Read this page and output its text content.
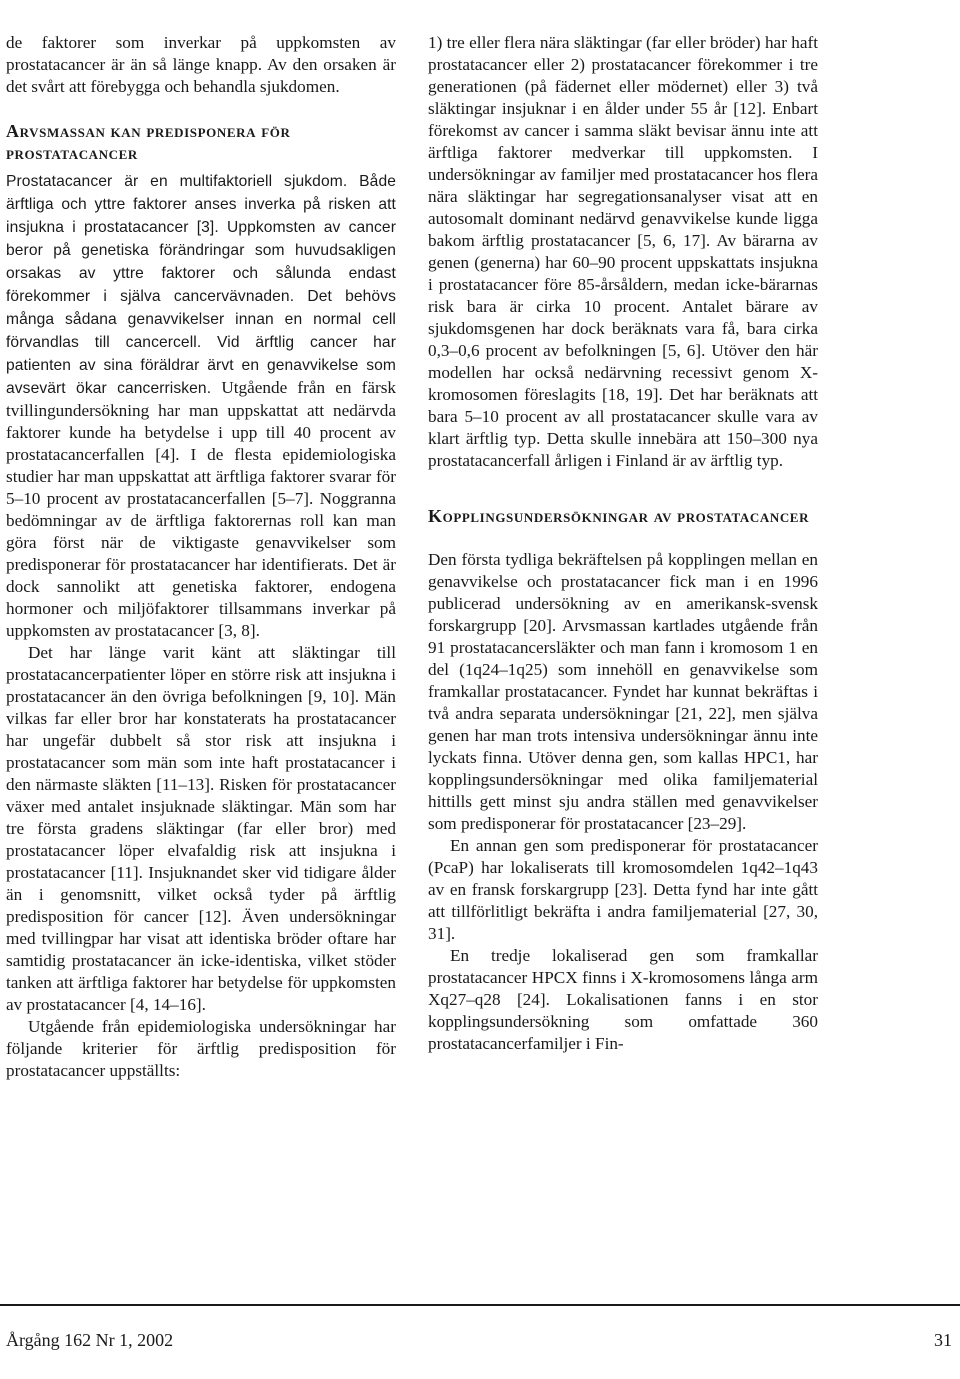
de faktorer som inverkar på uppkomsten av prostatacancer är än så länge knapp. Av den orsaken är det svårt att förebygga och behandla sjukdomen.

Arvsmassan kan predisponera för prostatacancer

Prostatacancer är en multifaktoriell sjukdom. Både ärftliga och yttre faktorer anses inverka på risken att insjukna i prostatacancer [3]. Uppkomsten av cancer beror på genetiska förändringar som huvudsakligen orsakas av yttre faktorer och sålunda endast förekommer i själva cancervävnaden. Det behövs många sådana genavvikelser innan en normal cell förvandlas till cancercell. Vid ärftlig cancer har patienten av sina föräldrar ärvt en genavvikelse som avsevärt ökar cancerrisken. Utgående från en färsk tvillingundersökning har man uppskattat att nedärvda faktorer kunde ha betydelse i upp till 40 procent av prostatacancerfallen [4]. I de flesta epidemiologiska studier har man uppskattat att ärftliga faktorer svarar för 5–10 procent av prostatacancerfallen [5–7]. Noggranna bedömningar av de ärftliga faktorernas roll kan man göra först när de viktigaste genavvikelser som predisponerar för prostatacancer har identifierats. Det är dock sannolikt att genetiska faktorer, endogena hormoner och miljöfaktorer tillsammans inverkar på uppkomsten av prostatacancer [3, 8].

Det har länge varit känt att släktingar till prostatacancerpatienter löper en större risk att insjukna i prostatacancer än den övriga befolkningen [9, 10]. Män vilkas far eller bror har konstaterats ha prostatacancer har ungefär dubbelt så stor risk att insjukna i prostatacancer som män som inte haft prostatacancer i den närmaste släkten [11–13]. Risken för prostatacancer växer med antalet insjuknade släktingar. Män som har tre första gradens släktingar (far eller bror) med prostatacancer löper elvafaldig risk att insjukna i prostatacancer [11]. Insjuknandet sker vid tidigare ålder än i genomsnitt, vilket också tyder på ärftlig predisposition för cancer [12]. Även undersökningar med tvillingpar har visat att identiska bröder oftare har samtidig prostatacancer än icke-identiska, vilket stöder tanken att ärftliga faktorer har betydelse för uppkomsten av prostatacancer [4, 14–16].

Utgående från epidemiologiska undersökningar har följande kriterier för ärftlig predisposition för prostatacancer uppställts:

1) tre eller flera nära släktingar (far eller bröder) har haft prostatacancer eller 2) prostatacancer förekommer i tre generationen (på fädernet eller mödernet) eller 3) två släktingar insjuknar i en ålder under 55 år [12]. Enbart förekomst av cancer i samma släkt bevisar ännu inte att ärftliga faktorer medverkar till uppkomsten. I undersökningar av familjer med prostatacancer hos flera nära släktingar har segregationsanalyser visat att en autosomalt dominant nedärvd genavvikelse kunde ligga bakom ärftlig prostatacancer [5, 6, 17]. Av bärarna av genen (generna) har 60–90 procent uppskattats insjukna i prostatacancer före 85-årsåldern, medan icke-bärarnas risk bara är cirka 10 procent. Antalet bärare av sjukdomsgenen har dock beräknats vara få, bara cirka 0,3–0,6 procent av befolkningen [5, 6]. Utöver den här modellen har också nedärvning recessivt genom X-kromosomen föreslagits [18, 19]. Det har beräknats att bara 5–10 procent av all prostatacancer skulle vara av klart ärftlig typ. Detta skulle innebära att 150–300 nya prostatacancerfall årligen i Finland är av ärftlig typ.

Kopplingsundersökningar av prostatacancer

Den första tydliga bekräftelsen på kopplingen mellan en genavvikelse och prostatacancer fick man i en 1996 publicerad undersökning av en amerikansk-svensk forskargrupp [20]. Arvsmassan kartlades utgående från 91 prostatacancersläkter och man fann i kromosom 1 en del (1q24–1q25) som innehöll en genavvikelse som framkallar prostatacancer. Fyndet har kunnat bekräftas i två andra separata undersökningar [21, 22], men själva genen har man trots intensiva undersökningar ännu inte lyckats finna. Utöver denna gen, som kallas HPC1, har kopplingsundersökningar med olika familjematerial hittills gett minst sju andra ställen med genavvikelser som predisponerar för prostatacancer [23–29].

En annan gen som predisponerar för prostatacancer (PcaP) har lokaliserats till kromosomdelen 1q42–1q43 av en fransk forskargrupp [23]. Detta fynd har inte gått att tillförlitligt bekräfta i andra familjematerial [27, 30, 31].

En tredje lokaliserad gen som framkallar prostatacancer HPCX finns i X-kromosomens långa arm Xq27–q28 [24]. Lokalisationen fanns i en stor kopplingsundersökning som omfattade 360 prostatacancerfamiljer i Fin-

Årgång 162 Nr 1, 2002	31
